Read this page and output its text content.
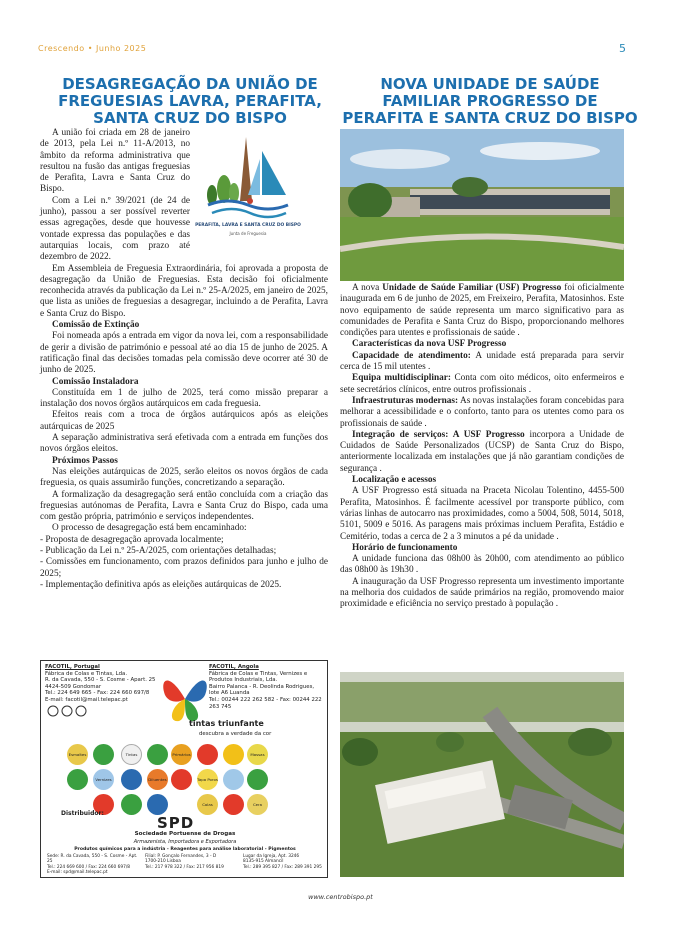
Crescendo • Junho 2025	5
DESAGREGAÇÃO DA UNIÃO DE FREGUESIAS LAVRA, PERAFITA, SANTA CRUZ DO BISPO
PERAFITA, LAVRA E SANTA CRUZ DO BISPO
Junta de Freguesia

A união foi criada em 28 de janeiro de 2013, pela Lei n.º 11-A/2013, no âmbito da reforma administrativa que resultou na fusão das antigas freguesias de Perafita, Lavra e Santa Cruz do Bispo.

Com a Lei n.º 39/2021 (de 24 de junho), passou a ser possível reverter essas agregações, desde que houvesse vontade expressa das populações e das autarquias locais, com prazo até dezembro de 2022.

Em Assembleia de Freguesia Extraordinária, foi aprovada a proposta de desagregação da União de Freguesias. Esta decisão foi oficialmente reconhecida através da publicação da Lei n.º 25-A/2025, em janeiro de 2025, que lista as uniões de freguesias a desagregar, incluindo a de Perafita, Lavra e Santa Cruz do Bispo.

Comissão de Extinção

Foi nomeada após a entrada em vigor da nova lei, com a responsabilidade de gerir a divisão de património e pessoal até ao dia 15 de junho de 2025. A ratificação final das decisões tomadas pela comissão deve ocorrer até 30 de junho de 2025.

Comissão Instaladora

Constituída em 1 de julho de 2025, terá como missão preparar a instalação dos novos órgãos autárquicos em cada freguesia.

Efeitos reais com a troca de órgãos autárquicos após as eleições autárquicas de 2025

A separação administrativa será efetivada com a entrada em funções dos novos órgãos eleitos.

Próximos Passos

Nas eleições autárquicas de 2025, serão eleitos os novos órgãos de cada freguesia, os quais assumirão funções, concretizando a separação.

A formalização da desagregação será então concluída com a criação das freguesias autónomas de Perafita, Lavra e Santa Cruz do Bispo, cada uma com gestão própria, património e serviços independentes.

O processo de desagregação está bem encaminhado:

- Proposta de desagregação aprovada localmente;

- Publicação da Lei n.º 25-A/2025, com orientações detalhadas;

- Comissões em funcionamento, com prazos definidos para junho e julho de 2025;

- Implementação definitiva após as eleições autárquicas de 2025.

FACOTIL, Portugal
Fábrica de Colas e Tintas, Lda.
R. da Cavada, 550 - S. Cosme - Apart. 25
4424-509 Gondomar
Tel.: 224 649 665 - Fax: 224 660 697/8
E-mail: facotil@mail.telepac.pt
FACOTIL, Angola
Fábrica de Colas e Tintas, Vernizes e
Produtos Industriais, Lda.
Bairro Palanca - R. Deolinda Rodrigues,
lote A6 Luanda
Tel.: 00244 222 262 582 - Fax: 00244 222 263 745
tintas triunfante
descubra a verdade da cor
Esmaltes	Tintas	Primários	Massas
Vernizes	Diluentes	Tapa Poros
Colas	Cera
Distribuidor:
SPD
Sociedade Portuense de Drogas
Armazenista, Importadora e Exportadora
Produtos químicos para a indústria - Reagentes para análise laboratorial - Pigmentos
Sede: R. da Cavada, 550 - S. Cosme - Apt. 25
Tel.: 224 669 600 / Fax: 224 660 697/8
E-mail: spd@mail.telepac.pt
Filial: P. Gonçalo Fernandes, 3 - D
1700-210 Lisboa
Tel.: 217 978 322 / Fax: 217 956 819
Lugar da Igreja, Apt. 3246
8135-915 Almancil
Tel.: 289 395 827 / Fax: 289 391 295
NOVA UNIDADE DE SAÚDE FAMILIAR PROGRESSO DE PERAFITA E SANTA CRUZ DO BISPO

A nova Unidade de Saúde Familiar (USF) Progresso foi oficialmente inaugurada em 6 de junho de 2025, em Freixeiro, Perafita, Matosinhos. Este novo equipamento de saúde representa um marco significativo para as comunidades de Perafita e Santa Cruz do Bispo, proporcionando melhores condições para utentes e profissionais de saúde .

Características da nova USF Progresso

Capacidade de atendimento: A unidade está preparada para servir cerca de 15 mil utentes .

Equipa multidisciplinar: Conta com oito médicos, oito enfermeiros e sete secretários clínicos, entre outros profissionais .

Infraestruturas modernas: As novas instalações foram concebidas para melhorar a acessibilidade e o conforto, tanto para os utentes como para os profissionais de saúde .

Integração de serviços: A USF Progresso incorpora a Unidade de Cuidados de Saúde Personalizados (UCSP) de Santa Cruz do Bispo, anteriormente localizada em instalações que já não garantiam condições de segurança .

Localização e acessos

A USF Progresso está situada na Praceta Nicolau Tolentino, 4455-500 Perafita, Matosinhos. É facilmente acessível por transporte público, com várias linhas de autocarro nas proximidades, como a 5004, 508, 5014, 5018, 5101, 5009 e 5016. As paragens mais próximas incluem Perafita, Estádio e Cemitério, todas a cerca de 2 a 3 minutos a pé da unidade .

Horário de funcionamento

A unidade funciona das 08h00 às 20h00, com atendimento ao público das 08h00 às 19h30 .

A inauguração da USF Progresso representa um investimento importante na melhoria dos cuidados de saúde primários na região, promovendo maior proximidade e eficiência no serviço prestado à população .

www.centrobispo.pt
